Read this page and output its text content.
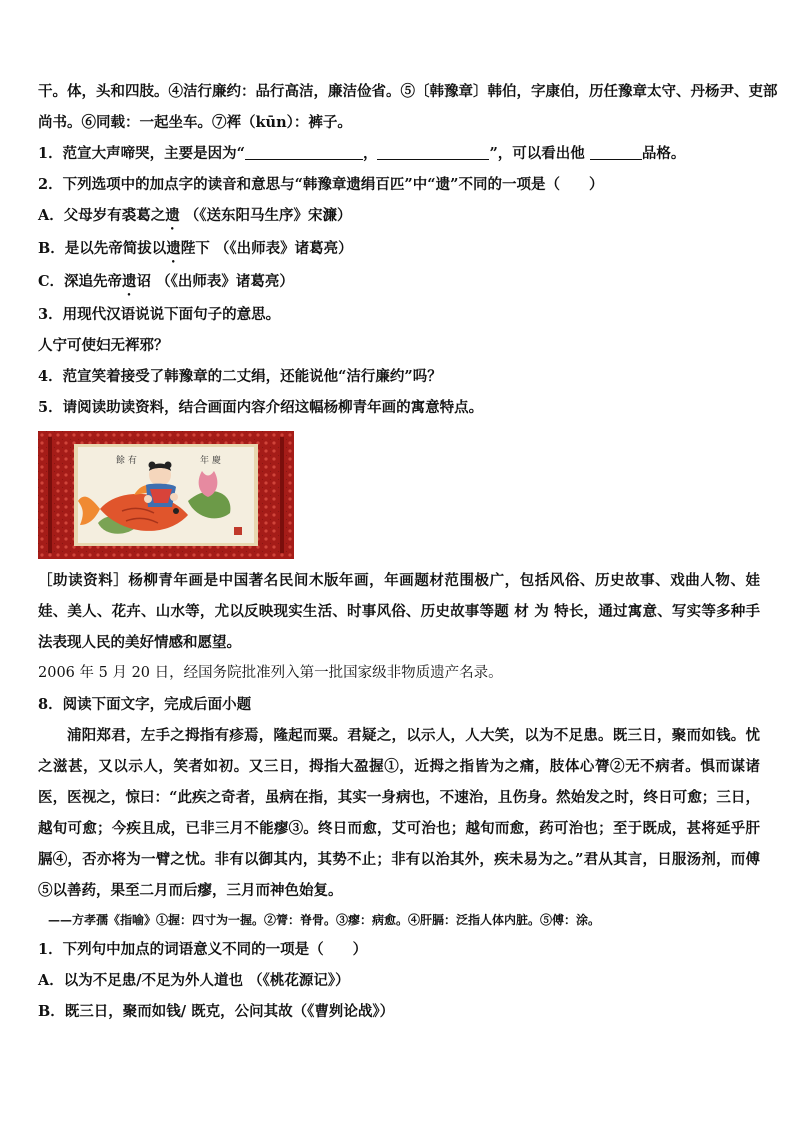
干。体，头和四肢。④洁行廉约：品行高洁，廉洁俭省。⑤〔韩豫章〕韩伯，字康伯，历任豫章太守、丹杨尹、吏部
尚书。⑥同载：一起坐车。⑦裈（kūn）：裤子。
1．范宣大声啼哭，主要是因为“	，	”，可以看出他	品格。
2．下列选项中的加点字的读音和意思与“韩豫章遗绢百匹”中“遗”不同的一项是（　　）
A．父母岁有裘葛之遗 （《送东阳马生序》宋濂）
B．是以先帝简拔以遗陛下 （《出师表》诸葛亮）
C．深追先帝遗诏 （《出师表》诸葛亮）
3．用现代汉语说说下面句子的意思。
人宁可使妇无裈邪？
4．范宣笑着接受了韩豫章的二丈绢，还能说他“洁行廉约”吗？
5．请阅读助读资料，结合画面内容介绍这幅杨柳青年画的寓意特点。
餘 有	年 慶
［助读资料］杨柳青年画是中国著名民间木版年画，年画题材范围极广，包括风俗、历史故事、戏曲人物、娃娃、美人、花卉、山水等，尤以反映现实生活、时事风俗、历史故事等题 材 为 特长，通过寓意、写实等多种手法表现人民的美好情感和愿望。
2006 年 5 月 20 日，经国务院批准列入第一批国家级非物质遗产名录。
8．阅读下面文字，完成后面小题
浦阳郑君，左手之拇指有疹焉，隆起而粟。君疑之，以示人，人大笑，以为不足患。既三日，聚而如钱。忧之滋甚，又以示人，笑者如初。又三日，拇指大盈握①，近拇之指皆为之痛，肢体心膂②无不病者。惧而谋诸医，医视之，惊曰：“此疾之奇者，虽病在指，其实一身病也，不速治，且伤身。然始发之时，终日可愈；三日，越旬可愈；今疾且成，已非三月不能瘳③。终日而愈，艾可治也；越旬而愈，药可治也；至于既成，甚将延乎肝膈④，否亦将为一臂之忧。非有以御其内，其势不止；非有以治其外，疾未易为之。”君从其言，日服汤剂，而傅⑤以善药，果至二月而后瘳，三月而神色始复。
——方孝孺《指喻》①握：四寸为一握。②膂：脊骨。③瘳：病愈。④肝膈：泛指人体内脏。⑤傅：涂。
1．下列句中加点的词语意义不同的一项是（　　）
A．以为不足患/不足为外人道也 （《桃花源记》）
B．既三日，聚而如钱/ 既克，公问其故（《曹刿论战》）
